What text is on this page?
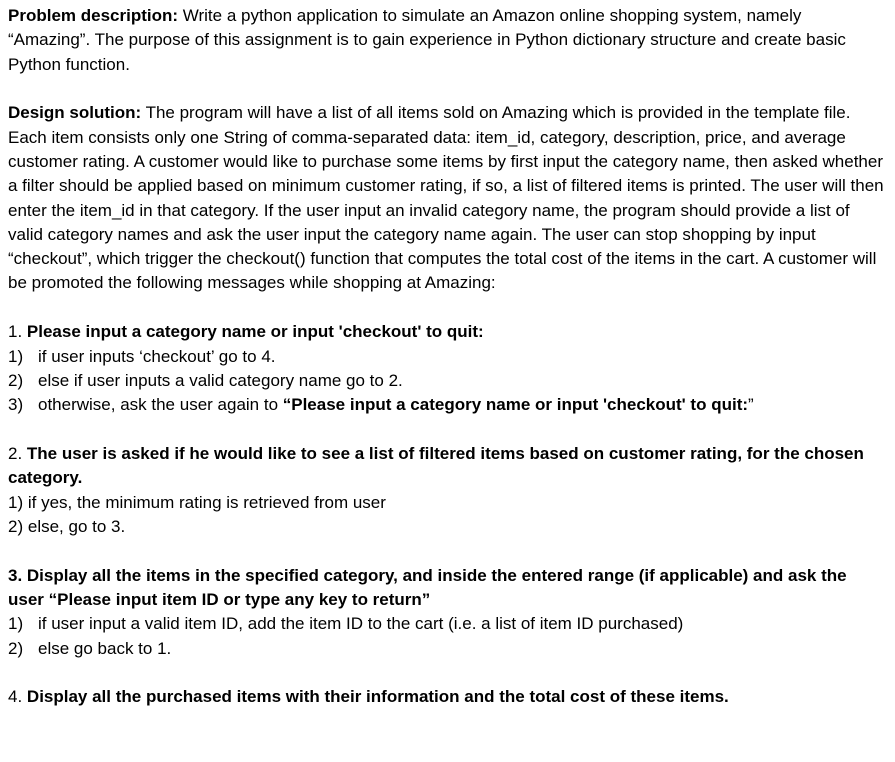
Problem description: Write a python application to simulate an Amazon online shopping system, namely “Amazing”. The purpose of this assignment is to gain experience in Python dictionary structure and create basic Python function.

Design solution: The program will have a list of all items sold on Amazing which is provided in the template file. Each item consists only one String of comma-separated data: item_id, category, description, price, and average customer rating. A customer would like to purchase some items by first input the category name, then asked whether a filter should be applied based on minimum customer rating, if so, a list of filtered items is printed. The user will then enter the item_id in that category. If the user input an invalid category name, the program should provide a list of valid category names and ask the user input the category name again. The user can stop shopping by input “checkout”, which trigger the checkout() function that computes the total cost of the items in the cart. A customer will be promoted the following messages while shopping at Amazing:

1. Please input a category name or input 'checkout' to quit:

1) if user inputs ‘checkout’ go to 4.

2) else if user inputs a valid category name go to 2.

3) otherwise, ask the user again to “Please input a category name or input 'checkout' to quit:”

2. The user is asked if he would like to see a list of filtered items based on customer rating, for the chosen category.

1) if yes, the minimum rating is retrieved from user

2) else, go to 3.

3. Display all the items in the specified category, and inside the entered range (if applicable) and ask the user “Please input item ID or type any key to return”

1) if user input a valid item ID, add the item ID to the cart (i.e. a list of item ID purchased)

2) else go back to 1.

4. Display all the purchased items with their information and the total cost of these items.
